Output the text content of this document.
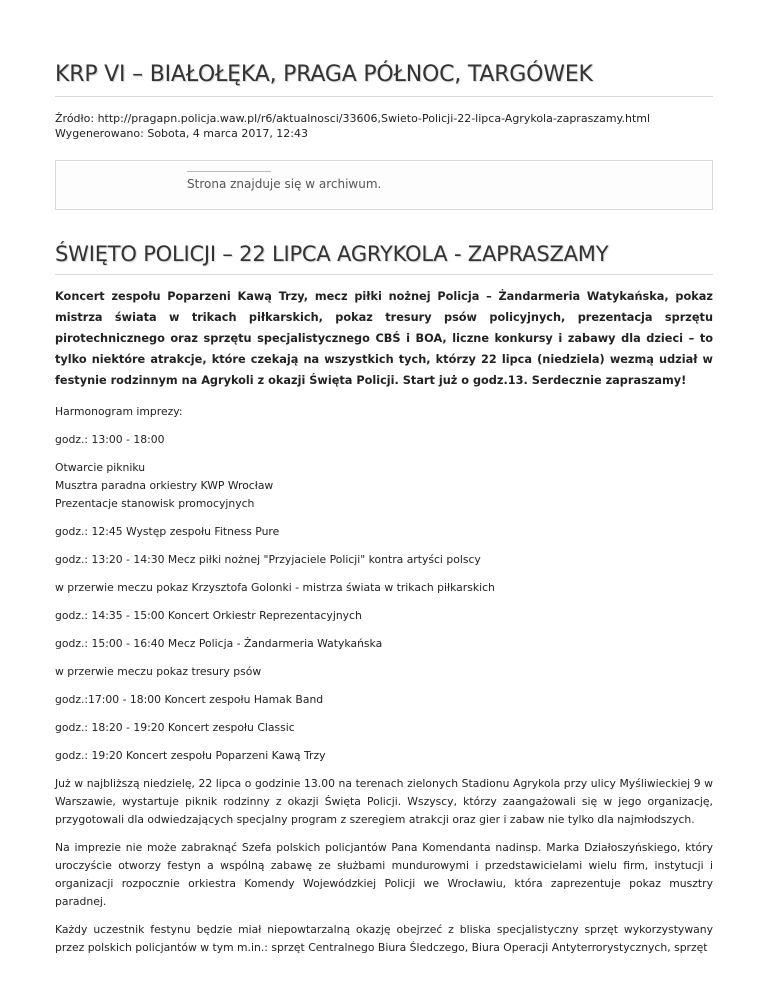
KRP VI – BIAŁOŁĘKA, PRAGA PÓŁNOC, TARGÓWEK
Źródło: http://pragapn.policja.waw.pl/r6/aktualnosci/33606,Swieto-Policji-22-lipca-Agrykola-zapraszamy.html
Wygenerowano: Sobota, 4 marca 2017, 12:43
Strona znajduje się w archiwum.
ŚWIĘTO POLICJI – 22 LIPCA AGRYKOLA - ZAPRASZAMY

Koncert zespołu Poparzeni Kawą Trzy, mecz piłki nożnej Policja – Żandarmeria Watykańska, pokaz mistrza świata w trikach piłkarskich, pokaz tresury psów policyjnych, prezentacja sprzętu pirotechnicznego oraz sprzętu specjalistycznego CBŚ i BOA, liczne konkursy i zabawy dla dzieci – to tylko niektóre atrakcje, które czekają na wszystkich tych, którzy 22 lipca (niedziela) wezmą udział w festynie rodzinnym na Agrykoli z okazji Święta Policji. Start już o godz.13. Serdecznie zapraszamy!

Harmonogram imprezy:

godz.: 13:00 - 18:00

Otwarcie pikniku
Musztra paradna orkiestry KWP Wrocław
Prezentacje stanowisk promocyjnych

godz.: 12:45 Występ zespołu Fitness Pure

godz.: 13:20 - 14:30 Mecz piłki nożnej "Przyjaciele Policji" kontra artyści polscy

w przerwie meczu pokaz Krzysztofa Golonki - mistrza świata w trikach piłkarskich

godz.: 14:35 - 15:00 Koncert Orkiestr Reprezentacyjnych

godz.: 15:00 - 16:40 Mecz Policja - Żandarmeria Watykańska

w przerwie meczu pokaz tresury psów

godz.:17:00 - 18:00 Koncert zespołu Hamak Band

godz.: 18:20 - 19:20 Koncert zespołu Classic

godz.: 19:20 Koncert zespołu Poparzeni Kawą Trzy

Już w najbliższą niedzielę, 22 lipca o godzinie 13.00 na terenach zielonych Stadionu Agrykola przy ulicy Myśliwieckiej 9 w Warszawie, wystartuje piknik rodzinny z okazji Święta Policji. Wszyscy, którzy zaangażowali się w jego organizację, przygotowali dla odwiedzających specjalny program z szeregiem atrakcji oraz gier i zabaw nie tylko dla najmłodszych.

Na imprezie nie może zabraknąć Szefa polskich policjantów Pana Komendanta nadinsp. Marka Działoszyńskiego, który uroczyście otworzy festyn a wspólną zabawę ze służbami mundurowymi i przedstawicielami wielu firm, instytucji i organizacji rozpocznie orkiestra Komendy Wojewódzkiej Policji we Wrocławiu, która zaprezentuje pokaz musztry paradnej.

Każdy uczestnik festynu będzie miał niepowtarzalną okazję obejrzeć z bliska specjalistyczny sprzęt wykorzystywany przez polskich policjantów w tym m.in.: sprzęt Centralnego Biura Śledczego, Biura Operacji Antyterrorystycznych, sprzęt
